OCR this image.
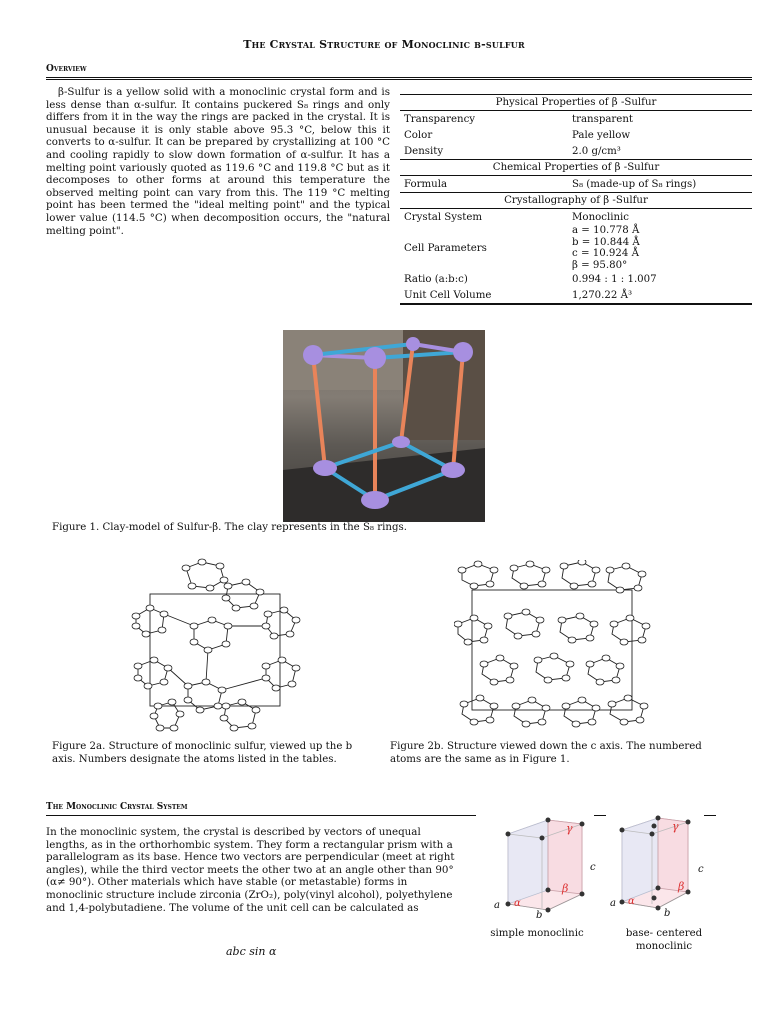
The Crystal Structure of Monoclinic β-sulfur
Overview
β-Sulfur is a yellow solid with a monoclinic crystal form and is less dense than α-sulfur. It contains puckered S₈ rings and only differs from it in the way the rings are packed in the crystal. It is unusual because it is only stable above 95.3 °C, below this it converts to α-sulfur. It can be prepared by crystallizing at 100 °C and cooling rapidly to slow down formation of α-sulfur. It has a melting point variously quoted as 119.6 °C and 119.8 °C but as it decomposes to other forms at around this temperature the observed melting point can vary from this. The 119 °C melting point has been termed the "ideal melting point" and the typical lower value (114.5 °C) when decomposition occurs, the "natural melting point".
Physical Properties of β -Sulfur	
Transparency	transparent
Color	Pale yellow
Density	2.0 g/cm³
Chemical Properties of β -Sulfur	
Formula	S₈ (made-up of S₈ rings)
Crystallography of β -Sulfur	
Crystal System	Monoclinic
Cell Parameters	a = 10.778 Å
b = 10.844 Å
c = 10.924 Å
β = 95.80°

Ratio (a:b:c)	0.994 : 1 : 1.007
Unit Cell Volume	1,270.22 Å³
Figure 1. Clay-model of Sulfur-β. The clay represents in the S₈ rings.
Figure 2a. Structure of monoclinic sulfur, viewed up the b axis. Numbers designate the atoms listed in the tables.
Figure 2b. Structure viewed down the c axis. The numbered atoms are the same as in Figure 1.
The Monoclinic Crystal System
In the monoclinic system, the crystal is described by vectors of unequal lengths, as in the orthorhombic system. They form a rectangular prism with a parallelogram as its base. Hence two vectors are perpendicular (meet at right angles), while the third vector meets the other two at an angle other than 90° (α≠ 90°). Other materials which have stable (or metastable) forms in monoclinic structure include zirconia (ZrO₂), poly(vinyl alcohol), polyethylene and 1,4-polybutadiene. The volume of the unit cell can be calculated as
abc sin α
γ
c
β
α
a
b
simple monoclinic
γ
c
β
α
a
b
base- centered monoclinic
